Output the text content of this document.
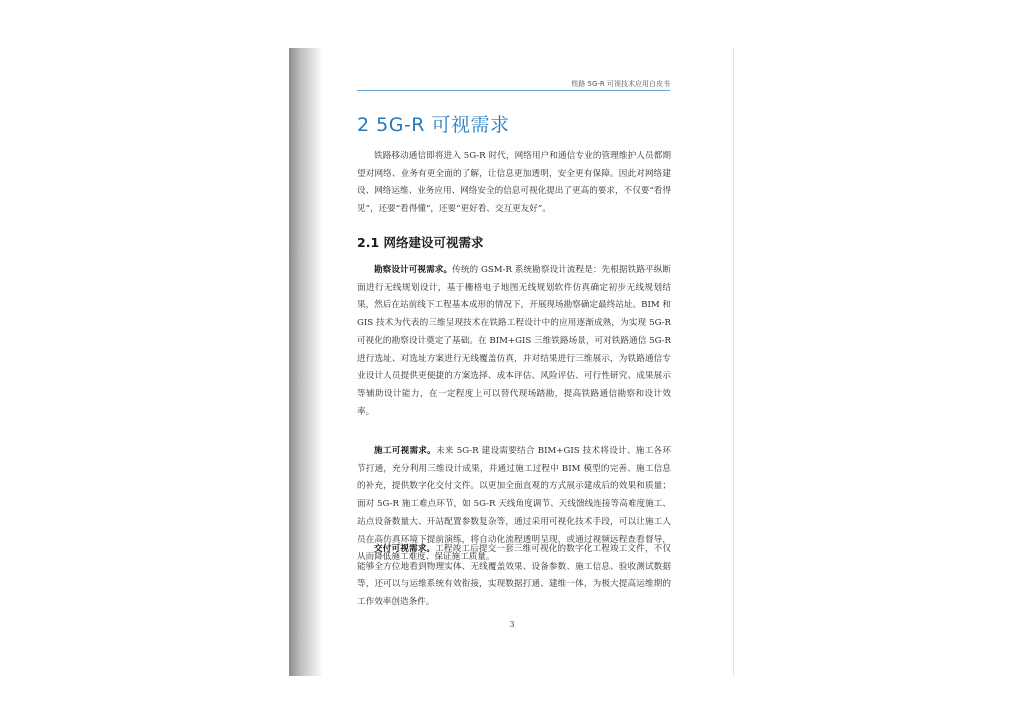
铁路 5G-R 可视技术应用白皮书
2 5G-R 可视需求

铁路移动通信即将进入 5G-R 时代，网络用户和通信专业的管理维护人员都期望对网络、业务有更全面的了解，让信息更加透明，安全更有保障。因此对网络建设、网络运维、业务应用、网络安全的信息可视化提出了更高的要求，不仅要“看得见”，还要“看得懂”，还要“更好看、交互更友好”。

2.1 网络建设可视需求

勘察设计可视需求。传统的 GSM-R 系统勘察设计流程是：先根据铁路平纵断面进行无线规划设计，基于栅格电子地图无线规划软件仿真确定初步无线规划结果，然后在站前线下工程基本成形的情况下，开展现场勘察确定最终站址。BIM 和 GIS 技术为代表的三维呈现技术在铁路工程设计中的应用逐渐成熟，为实现 5G-R 可视化的勘察设计奠定了基础。在 BIM+GIS 三维铁路场景，可对铁路通信 5G-R 进行选址、对选址方案进行无线覆盖仿真，并对结果进行三维展示，为铁路通信专业设计人员提供更便捷的方案选择、成本评估、风险评估、可行性研究、成果展示等辅助设计能力，在一定程度上可以替代现场踏勘，提高铁路通信勘察和设计效率。

施工可视需求。未来 5G-R 建设需要结合 BIM+GIS 技术将设计、施工各环节打通，充分利用三维设计成果，并通过施工过程中 BIM 模型的完善、施工信息的补充，提供数字化交付文件。以更加全面直观的方式展示建成后的效果和质量；面对 5G-R 施工难点环节，如 5G-R 天线角度调节、天线馈线连接等高难度施工、站点设备数量大、开站配置参数复杂等，通过采用可视化技术手段，可以让施工人员在高仿真环境下提前演练，将自动化流程透明呈现，或通过视频远程查看督导，从而降低施工难度、保证施工质量。

交付可视需求。工程竣工后提交一套三维可视化的数字化工程竣工文件，不仅能够全方位地看到物理实体、无线覆盖效果、设备参数、施工信息、验收测试数据等，还可以与运维系统有效衔接，实现数据打通、建维一体，为极大提高运维期的工作效率创造条件。

3
